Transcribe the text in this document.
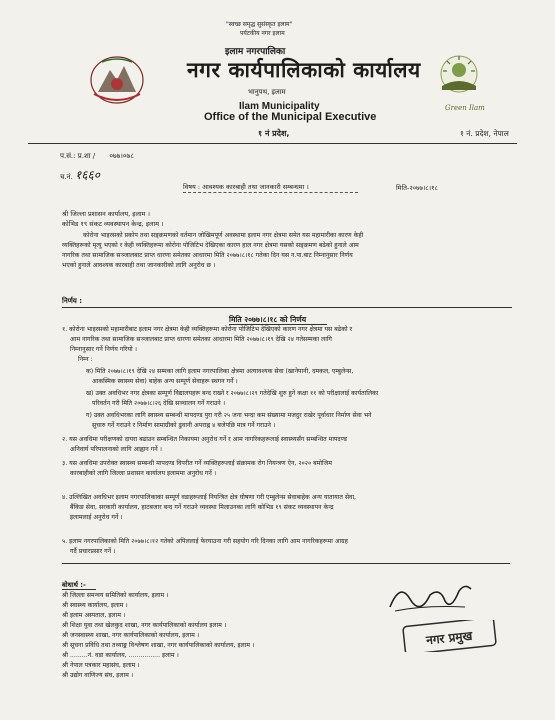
Green Ilam
"स्वच्छ समृद्ध सुसंस्कृत इलाम"
पर्यटकीय नगर इलाम
इलाम नगरपालिका
नगर कार्यपालिकाको कार्यालय
भानुपथ, इलाम
Ilam Municipality
Office of the Municipal Executive
१ नं प्रदेश,	१ नं. प्रदेश, नेपाल
प.सं.: प्र.शा / ०७७।०७८
च.नं. १६६०
मिति-२०७७।८।१८
विषय : आवश्यक कारबाही तथा जानकारी सम्बन्धमा ।
श्री जिल्ला प्रशासन कार्यालय, इलाम ।
कोभिड १९ संकट व्यवस्थापन केन्द्र, इलाम ।
कोरोना भाइरसको प्रकोप तथा सङ्क्रमणको वर्तमान जोखिमपूर्ण अवस्थामा इलाम नगर क्षेत्रमा समेत यस महामारीका कारण केही
व्यक्तिहरूको मृत्यु भएको र केही व्यक्तिहरूमा कोरोना पोजिटिभ देखिएका कारण हाल नगर क्षेत्रमा यसको सङ्क्रमण बढेको हुनाले आम
नागरिक तथा सामाजिक सञ्जालबाट प्राप्त धारणा समेतका आधारमा मिति २०७७।८।१८ गतेका दिन यस न.पा.बाट निम्नानुसार निर्णय
भएको हुनाले आवश्यक कारबाही तथा जानकारीको लागि अनुरोध छ ।
निर्णय :
मिति २०७७।८।१८ को निर्णय
१. कोरोना भाइरसको महामारीबाट इलाम नगर क्षेत्रमा केही व्यक्तिहरूमा कोरोना पोजिटिभ देखिएको कारण नगर क्षेत्रमा यस बढेको र
आम नागरिक तथा सामाजिक सञ्जालबाट प्राप्त धारणा समेतका आधारमा मिति २०७७।८।१९ देखि २४ गतेसम्मका लागि
निम्नानुसार गर्ने निर्णय गरियो ।
निम्न :
क) मिति २०७७।८।१९ देखि २४ सम्मका लागि इलाम नगरपालिका क्षेत्रमा अत्यावश्यक सेवा (खानेपानी, दमकल, एम्बुलेन्स,
आकस्मिक स्वास्थ्य सेवा) बाहेक अन्य सम्पूर्ण सेवाहरू स्थगन गर्ने ।
ख) उक्त अवधिभर नगर क्षेत्रका सम्पूर्ण विद्यालयहरू बन्द राख्ने र २०७७।८।२९ गतेदेखि शुरु हुने कक्षा ११ को परीक्षालाई कार्यतालिका
परिवर्तन गरी मिति २०७७।८।२६ देखि सञ्चालन गर्ने गराउने ।
ग) उक्त अवधिभरका लागि स्वास्थ्य सम्बन्धी मापदण्ड पुरा गरी २५ जना भन्दा कम संख्यामा मजदुर राखेर पूर्वाधार निर्माण सेवा भने
सुचारु गर्ने गराउने र निर्माण सामाग्रीको ढुवानी अपराह्न ४ बजेपछि मात्र गर्ने गराउने ।
२. यस अवधिमा परीक्षणको दायरा बढाउन सम्बन्धित निकायमा अनुरोध गर्ने र आम नागरिकहरूलाई स्वास्थ्यसँग सम्बन्धित मापदण्ड
अनिवार्य परिपालनाको लागि आह्वान गर्ने ।
३. यस अवधिमा उपरोक्त स्वास्थ्य सम्बन्धी मापदण्ड विपरीत गर्ने व्यक्तिहरूलाई संक्रामक रोग नियन्त्रण ऐन, २०२० बमोजिम
कारबाहीको लागि जिल्ला प्रशासन कार्यालय इलाममा अनुरोध गर्ने ।
४. उल्लिखित अवधिभर इलाम नगरपालिकाका सम्पूर्ण वडाहरूलाई नियन्त्रित क्षेत्र घोषणा गरी एम्बुलेन्स सेवाबाहेक अन्य यातायात सेवा,
बैंकिङ सेवा, सरकारी कार्यालय, हाटबजार बन्द गर्ने गराउने व्यवस्था मिलाउनका लागि कोभिड १९ संकट व्यवस्थापन केन्द्र
इलामलाई अनुरोध गर्ने ।
५. इलाम नगरपालिकाको मिति २०७७।८।१२ गतेको अपिललाई फेरयाउना गरी सहयोग गरि दिनका लागि आम नागरिकहरूमा आग्रह
गर्दै प्रचारप्रसार गर्ने ।
नगर प्रमुख
बोधार्थ :-
श्री जिल्ला समन्वय समितिको कार्यालय, इलाम ।
श्री स्वास्थ्य कार्यालय, इलाम ।
श्री इलाम अस्पताल, इलाम ।
श्री शिक्षा युवा तथा खेलकुद शाखा, नगर कार्यपालिकाको कार्यालय इलाम ।
श्री जनस्वास्थ्य शाखा, नगर कार्यपालिकाको कार्यालय, इलाम ।
श्री सूचना प्रविधि तथा तथ्याङ्क विश्लेषण शाखा, नगर कार्यपालिकाको कार्यालय, इलाम ।
श्री .........नं. वडा कार्यालय, ................ इलाम ।
श्री नेपाल पत्रकार महासंघ, इलाम ।
श्री उद्योग वाणिज्य संघ, इलाम ।
